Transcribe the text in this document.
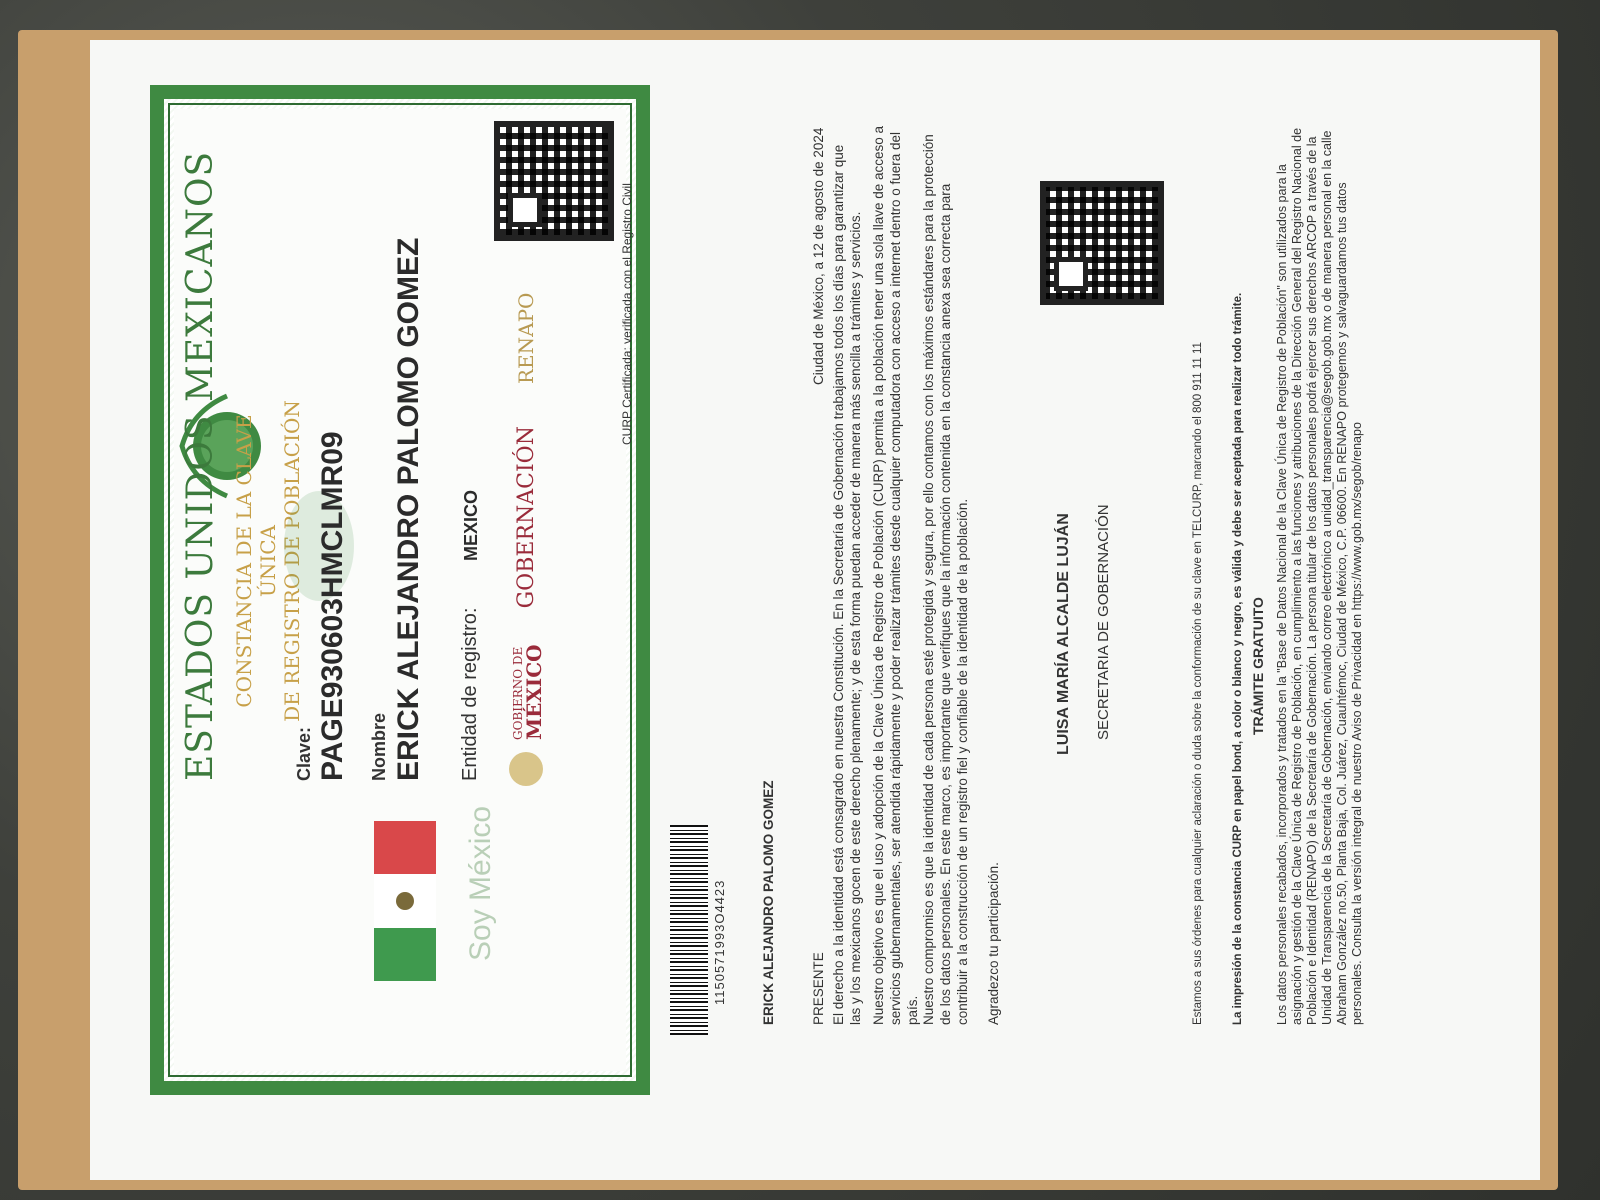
ESTADOS UNIDOS MEXICANOS CONSTANCIA DE LA CLAVE ÚNICA DE REGISTRO DE POBLACIÓN
Soy México
Clave: PAGE930603HMCLMR09 Nombre ERICK ALEJANDRO PALOMO GOMEZ Entidad de registro:
MEXICO
GOBIERNO DE
MÉXICO
GOBERNACIÓN
RENAPO	CURP Certificada: verificada con el Registro Civil
1150571993O4423	ERICK ALEJANDRO PALOMO GOMEZ
Ciudad de México, a 12 de agosto de 2024
PRESENTE El derecho a la identidad está consagrado en nuestra Constitución. En la Secretaría de Gobernación trabajamos todos los días para garantizar que las y los mexicanos gocen de este derecho plenamente; y de esta forma puedan acceder de manera más sencilla a trámites y servicios. Nuestro objetivo es que el uso y adopción de la Clave Única de Registro de Población (CURP) permita a la población tener una sola llave de acceso a servicios gubernamentales, ser atendida rápidamente y poder realizar trámites desde cualquier computadora con acceso a internet dentro o fuera del país. Nuestro compromiso es que la identidad de cada persona esté protegida y segura, por ello contamos con los máximos estándares para la protección de los datos personales. En este marco, es importante que verifiques que la información contenida en la constancia anexa sea correcta para contribuir a la construcción de un registro fiel y confiable de la identidad de la población. Agradezco tu participación.
LUISA MARÍA ALCALDE LUJÁN SECRETARIA DE GOBERNACIÓN	Estamos a sus órdenes para cualquier aclaración o duda sobre la conformación de su clave en TELCURP, marcando el 800 911 11 11 La impresión de la constancia CURP en papel bond, a color o blanco y negro, es válida y debe ser aceptada para realizar todo trámite. TRÁMITE GRATUITO Los datos personales recabados, incorporados y tratados en la "Base de Datos Nacional de la Clave Única de Registro de Población" son utilizados para la asignación y gestión de la Clave Única de Registro de Población, en cumplimiento a las funciones y atribuciones de la Dirección General del Registro Nacional de Población e Identidad (RENAPO) de la Secretaría de Gobernación. La persona titular de los datos personales podrá ejercer sus derechos ARCOP a través de la Unidad de Transparencia de la Secretaría de Gobernación, enviando correo electrónico a unidad_transparencia@segob.gob.mx o de manera personal en la calle Abraham González no.50, Planta Baja, Col. Juárez, Cuauhtémoc, Ciudad de México, C.P. 06600. En RENAPO protegemos y salvaguardamos tus datos personales. Consulta la versión integral de nuestro Aviso de Privacidad en https://www.gob.mx/segob/renapo
